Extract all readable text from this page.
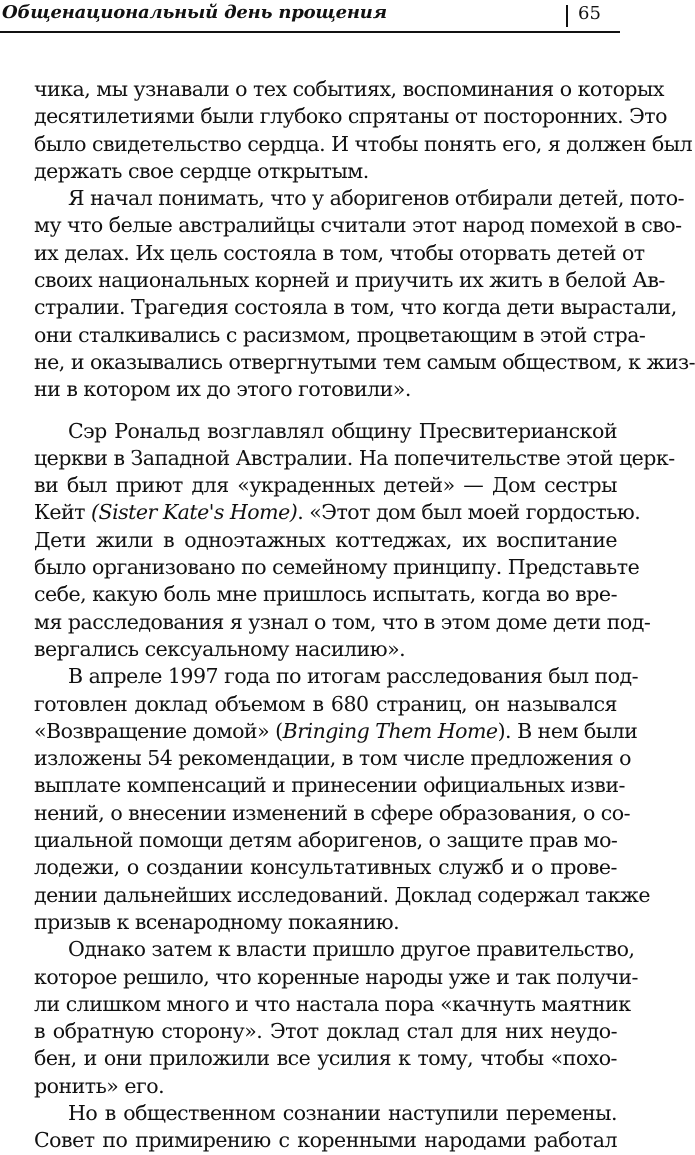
Общенациональный день прощения	65
чика, мы узнавали о тех событиях, воспоминания о которых
десятилетиями были глубоко спрятаны от посторонних. Это
было свидетельство сердца. И чтобы понять его, я должен был
держать свое сердце открытым.
Я начал понимать, что у аборигенов отбирали детей, пото-
му что белые австралийцы считали этот народ помехой в сво-
их делах. Их цель состояла в том, чтобы оторвать детей от
своих национальных корней и приучить их жить в белой Ав-
стралии. Трагедия состояла в том, что когда дети вырастали,
они сталкивались с расизмом, процветающим в этой стра-
не, и оказывались отвергнутыми тем самым обществом, к жиз-
ни в котором их до этого готовили».
Сэр Рональд возглавлял общину Пресвитерианской
церкви в Западной Австралии. На попечительстве этой церк-
ви был приют для «украденных детей» — Дом сестры
Кейт (Sister Kate's Home). «Этот дом был моей гордостью.
Дети жили в одноэтажных коттеджах, их воспитание
было организовано по семейному принципу. Представьте
себе, какую боль мне пришлось испытать, когда во вре-
мя расследования я узнал о том, что в этом доме дети под-
вергались сексуальному насилию».
В апреле 1997 года по итогам расследования был под-
готовлен доклад объемом в 680 страниц, он назывался
«Возвращение домой» (Bringing Them Home). В нем были
изложены 54 рекомендации, в том числе предложения о
выплате компенсаций и принесении официальных изви-
нений, о внесении изменений в сфере образования, о со-
циальной помощи детям аборигенов, о защите прав мо-
лодежи, о создании консультативных служб и о прове-
дении дальнейших исследований. Доклад содержал также
призыв к всенародному покаянию.
Однако затем к власти пришло другое правительство,
которое решило, что коренные народы уже и так получи-
ли слишком много и что настала пора «качнуть маятник
в обратную сторону». Этот доклад стал для них неудо-
бен, и они приложили все усилия к тому, чтобы «похо-
ронить» его.
Но в общественном сознании наступили перемены.
Совет по примирению с коренными народами работал
